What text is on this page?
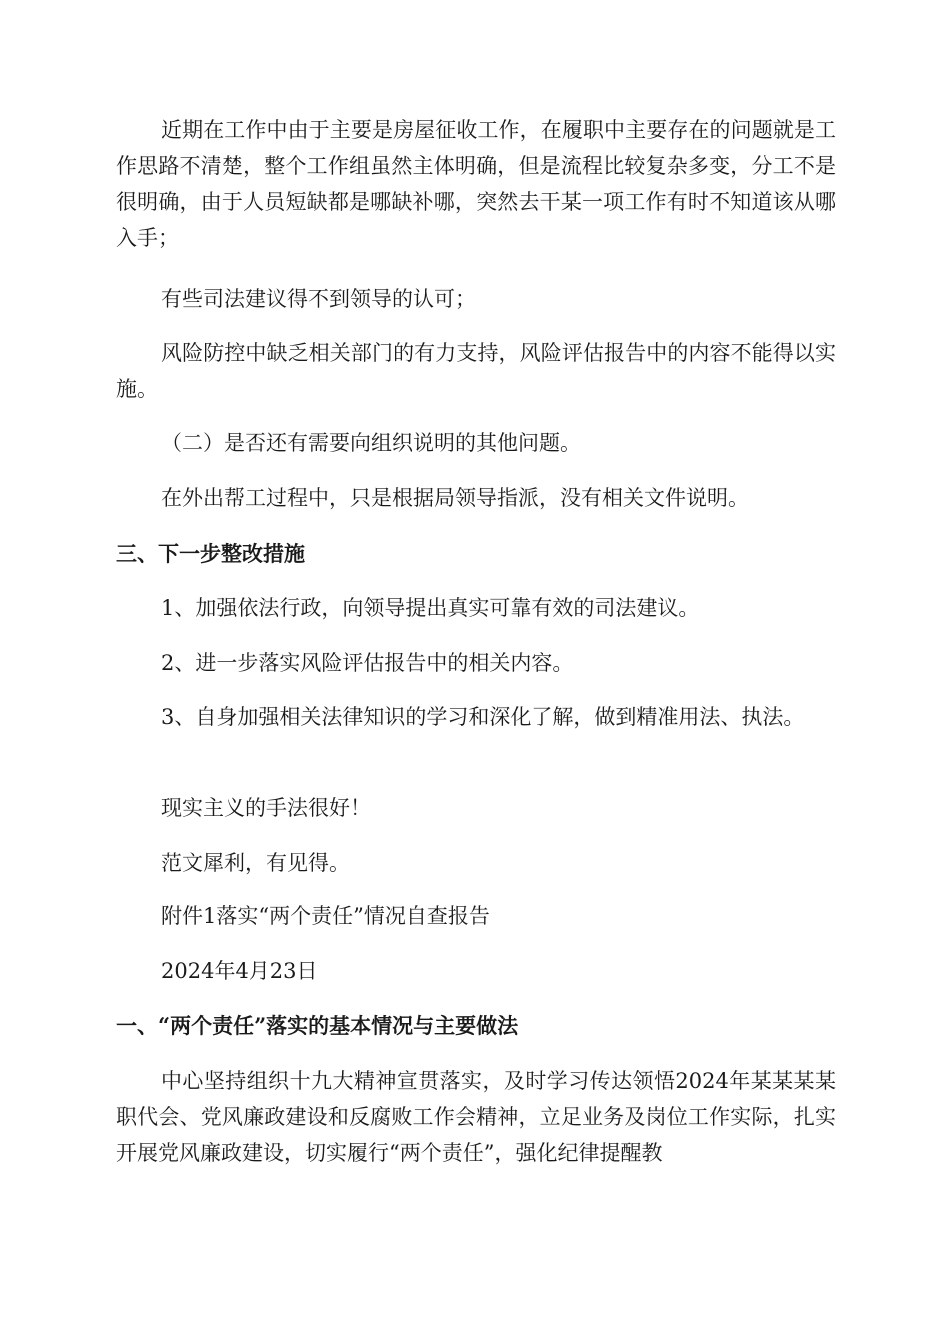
近期在工作中由于主要是房屋征收工作，在履职中主要存在的问题就是工作思路不清楚，整个工作组虽然主体明确，但是流程比较复杂多变，分工不是很明确，由于人员短缺都是哪缺补哪，突然去干某一项工作有时不知道该从哪入手；

有些司法建议得不到领导的认可；

风险防控中缺乏相关部门的有力支持，风险评估报告中的内容不能得以实施。

（二）是否还有需要向组织说明的其他问题。

在外出帮工过程中，只是根据局领导指派，没有相关文件说明。

三、下一步整改措施

1、加强依法行政，向领导提出真实可靠有效的司法建议。

2、进一步落实风险评估报告中的相关内容。

3、自身加强相关法律知识的学习和深化了解，做到精准用法、执法。

现实主义的手法很好！

范文犀利，有见得。

附件1落实“两个责任”情况自查报告

2024年4月23日

一、“两个责任”落实的基本情况与主要做法

中心坚持组织十九大精神宣贯落实，及时学习传达领悟2024年某某某某职代会、党风廉政建设和反腐败工作会精神，立足业务及岗位工作实际，扎实开展党风廉政建设，切实履行“两个责任”，强化纪律提醒教
